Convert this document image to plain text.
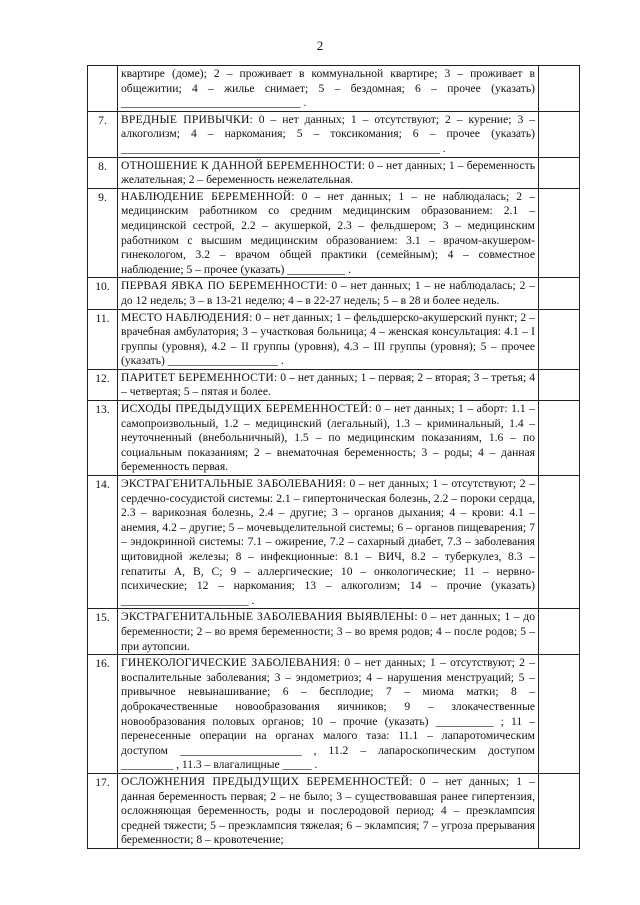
2
	квартире (доме); 2 – проживает в коммунальной квартире; 3 – проживает в общежитии; 4 – жилье снимает; 5 – бездомная; 6 – прочее (указать) _______________________________ .	
7.	ВРЕДНЫЕ ПРИВЫЧКИ: 0 – нет данных; 1 – отсутствуют; 2 – курение; 3 – алкоголизм; 4 – наркомания; 5 – токсикомания; 6 – прочее (указать) _______________________________________________________ .	
8.	ОТНОШЕНИЕ К ДАННОЙ БЕРЕМЕННОСТИ: 0 – нет данных; 1 – беременность желательная; 2 – беременность нежелательная.	
9.	НАБЛЮДЕНИЕ БЕРЕМЕННОЙ: 0 – нет данных; 1 – не наблюдалась; 2 – медицинским работником со средним медицинским образованием: 2.1 – медицинской сестрой, 2.2 – акушеркой, 2.3 – фельдшером; 3 – медицинским работником с высшим медицинским образованием: 3.1 – врачом-акушером-гинекологом, 3.2 – врачом общей практики (семейным); 4 – совместное наблюдение; 5 – прочее (указать) __________ .	
10.	ПЕРВАЯ ЯВКА ПО БЕРЕМЕННОСТИ: 0 – нет данных; 1 – не наблюдалась; 2 – до 12 недель; 3 – в 13-21 неделю; 4 – в 22-27 недель; 5 – в 28 и более недель.	
11.	МЕСТО НАБЛЮДЕНИЯ: 0 – нет данных; 1 – фельдшерско-акушерский пункт; 2 – врачебная амбулатория; 3 – участковая больница; 4 – женская консультация: 4.1 – I группы (уровня), 4.2 – II группы (уровня), 4.3 – III группы (уровня); 5 – прочее (указать) ___________________ .	
12.	ПАРИТЕТ БЕРЕМЕННОСТИ: 0 – нет данных; 1 – первая; 2 – вторая; 3 – третья; 4 – четвертая; 5 – пятая и более.	
13.	ИСХОДЫ ПРЕДЫДУЩИХ БЕРЕМЕННОСТЕЙ: 0 – нет данных; 1 – аборт: 1.1 – самопроизвольный, 1.2 – медицинский (легальный), 1.3 – криминальный, 1.4 – неуточненный (внебольничный), 1.5 – по медицинским показаниям, 1.6 – по социальным показаниям; 2 – внематочная беременность; 3 – роды; 4 – данная беременность первая.	
14.	ЭКСТРАГЕНИТАЛЬНЫЕ ЗАБОЛЕВАНИЯ: 0 – нет данных; 1 – отсутствуют; 2 – сердечно-сосудистой системы: 2.1 – гипертоническая болезнь, 2.2 – пороки сердца, 2.3 – варикозная болезнь, 2.4 – другие; 3 – органов дыхания; 4 – крови: 4.1 – анемия, 4.2 – другие; 5 – мочевыделительной системы; 6 – органов пищеварения; 7 – эндокринной системы: 7.1 – ожирение, 7.2 – сахарный диабет, 7.3 – заболевания щитовидной железы; 8 – инфекционные: 8.1 – ВИЧ, 8.2 – туберкулез, 8.3 – гепатиты A, B, C; 9 – аллергические; 10 – онкологические; 11 – нервно-психические; 12 – наркомания; 13 – алкоголизм; 14 – прочие (указать) ______________________ .	
15.	ЭКСТРАГЕНИТАЛЬНЫЕ ЗАБОЛЕВАНИЯ ВЫЯВЛЕНЫ: 0 – нет данных; 1 – до беременности; 2 – во время беременности; 3 – во время родов; 4 – после родов; 5 – при аутопсии.	
16.	ГИНЕКОЛОГИЧЕСКИЕ ЗАБОЛЕВАНИЯ: 0 – нет данных; 1 – отсутствуют; 2 – воспалительные заболевания; 3 – эндометриоз; 4 – нарушения менструаций; 5 – привычное невынашивание; 6 – бесплодие; 7 – миома матки; 8 – доброкачественные новообразования яичников; 9 – злокачественные новообразования половых органов; 10 – прочие (указать) __________ ; 11 – перенесенные операции на органах малого таза: 11.1 – лапаротомическим доступом _____________________ , 11.2 – лапароскопическим доступом _________ , 11.3 – влагалищные _____ .	
17.	ОСЛОЖНЕНИЯ ПРЕДЫДУЩИХ БЕРЕМЕННОСТЕЙ: 0 – нет данных; 1 – данная беременность первая; 2 – не было; 3 – существовавшая ранее гипертензия, осложняющая беременность, роды и послеродовой период; 4 – преэклампсия средней тяжести; 5 – преэклампсия тяжелая; 6 – эклампсия; 7 – угроза прерывания беременности; 8 – кровотечение;	
